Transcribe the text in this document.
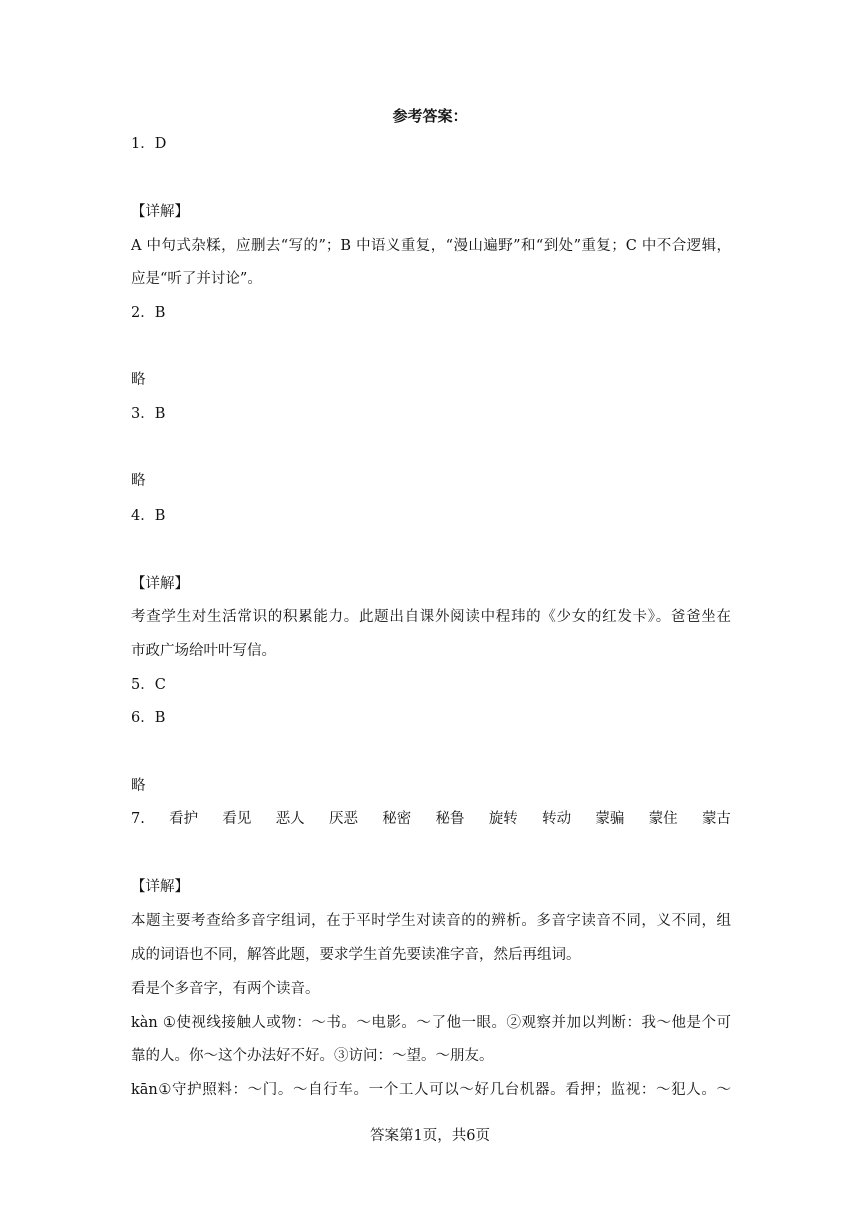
参考答案：
1．D
【详解】
A 中句式杂糅，应删去“写的”；B 中语义重复，“漫山遍野”和“到处”重复；C 中不合逻辑，
应是“听了并讨论”。
2．B
略
3．B
略
4．B
【详解】
考查学生对生活常识的积累能力。此题出自课外阅读中程玮的《少女的红发卡》。爸爸坐在
市政广场给叶叶写信。
5．C
6．B
略
7. 看护 看见 恶人 厌恶 秘密 秘鲁 旋转 转动 蒙骗 蒙住 蒙古
【详解】
本题主要考查给多音字组词，在于平时学生对读音的的辨析。多音字读音不同，义不同，组
成的词语也不同，解答此题，要求学生首先要读准字音，然后再组词。
看是个多音字，有两个读音。
kàn ①使视线接触人或物：～书。～电影。～了他一眼。②观察并加以判断：我～他是个可
靠的人。你～这个办法好不好。③访问：～望。～朋友。
kān①守护照料：～门。～自行车。一个工人可以～好几台机器。看押；监视：～犯人。～
答案第1页，共6页
